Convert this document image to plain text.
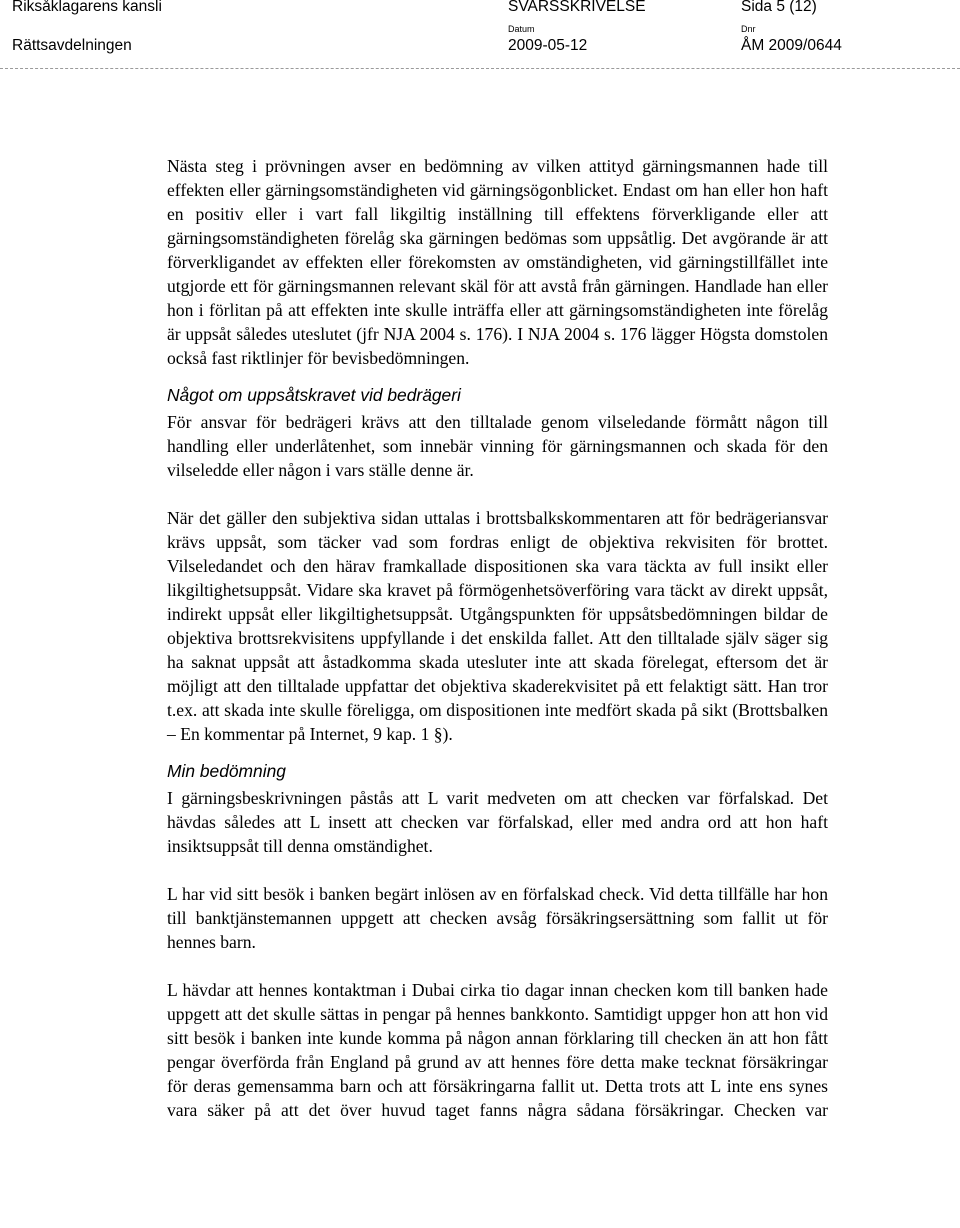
Riksåklagarens kansli
Rättsavdelningen
SVARSSKRIVELSE
Datum
2009-05-12
Dnr
ÅM 2009/0644
Sida 5 (12)

Nästa steg i prövningen avser en bedömning av vilken attityd gärningsmannen hade till effekten eller gärningsomständigheten vid gärningsögonblicket. Endast om han eller hon haft en positiv eller i vart fall likgiltig inställning till effektens förverkligande eller att gärningsomständigheten förelåg ska gärningen bedömas som uppsåtlig. Det avgörande är att förverkligandet av effekten eller förekomsten av omständigheten, vid gärningstillfället inte utgjorde ett för gärningsmannen relevant skäl för att avstå från gärningen. Handlade han eller hon i förlitan på att effekten inte skulle inträffa eller att gärningsomständigheten inte förelåg är uppsåt således uteslutet (jfr NJA 2004 s. 176). I NJA 2004 s. 176 lägger Högsta domstolen också fast riktlinjer för bevisbedömningen.

Något om uppsåtskravet vid bedrägeri

För ansvar för bedrägeri krävs att den tilltalade genom vilseledande förmått någon till handling eller underlåtenhet, som innebär vinning för gärningsmannen och skada för den vilseledde eller någon i vars ställe denne är.

När det gäller den subjektiva sidan uttalas i brottsbalkskommentaren att för bedrägeriansvar krävs uppsåt, som täcker vad som fordras enligt de objektiva rekvisiten för brottet. Vilseledandet och den härav framkallade dispositionen ska vara täckta av full insikt eller likgiltighetsuppsåt. Vidare ska kravet på förmögenhetsöverföring vara täckt av direkt uppsåt, indirekt uppsåt eller likgiltighetsuppsåt. Utgångspunkten för uppsåtsbedömningen bildar de objektiva brottsrekvisitens uppfyllande i det enskilda fallet. Att den tilltalade själv säger sig ha saknat uppsåt att åstadkomma skada utesluter inte att skada förelegat, eftersom det är möjligt att den tilltalade uppfattar det objektiva skaderekvisitet på ett felaktigt sätt. Han tror t.ex. att skada inte skulle föreligga, om dispositionen inte medfört skada på sikt (Brottsbalken – En kommentar på Internet, 9 kap. 1 §).

Min bedömning

I gärningsbeskrivningen påstås att L varit medveten om att checken var förfalskad. Det hävdas således att L insett att checken var förfalskad, eller med andra ord att hon haft insiktsuppsåt till denna omständighet.

L har vid sitt besök i banken begärt inlösen av en förfalskad check. Vid detta tillfälle har hon till banktjänstemannen uppgett att checken avsåg försäkringsersättning som fallit ut för hennes barn.

L hävdar att hennes kontaktman i Dubai cirka tio dagar innan checken kom till banken hade uppgett att det skulle sättas in pengar på hennes bankkonto. Samtidigt uppger hon att hon vid sitt besök i banken inte kunde komma på någon annan förklaring till checken än att hon fått pengar överförda från England på grund av att hennes före detta make tecknat försäkringar för deras gemensamma barn och att försäkringarna fallit ut. Detta trots att L inte ens synes vara säker på att det över huvud taget fanns några sådana försäkringar. Checken var
